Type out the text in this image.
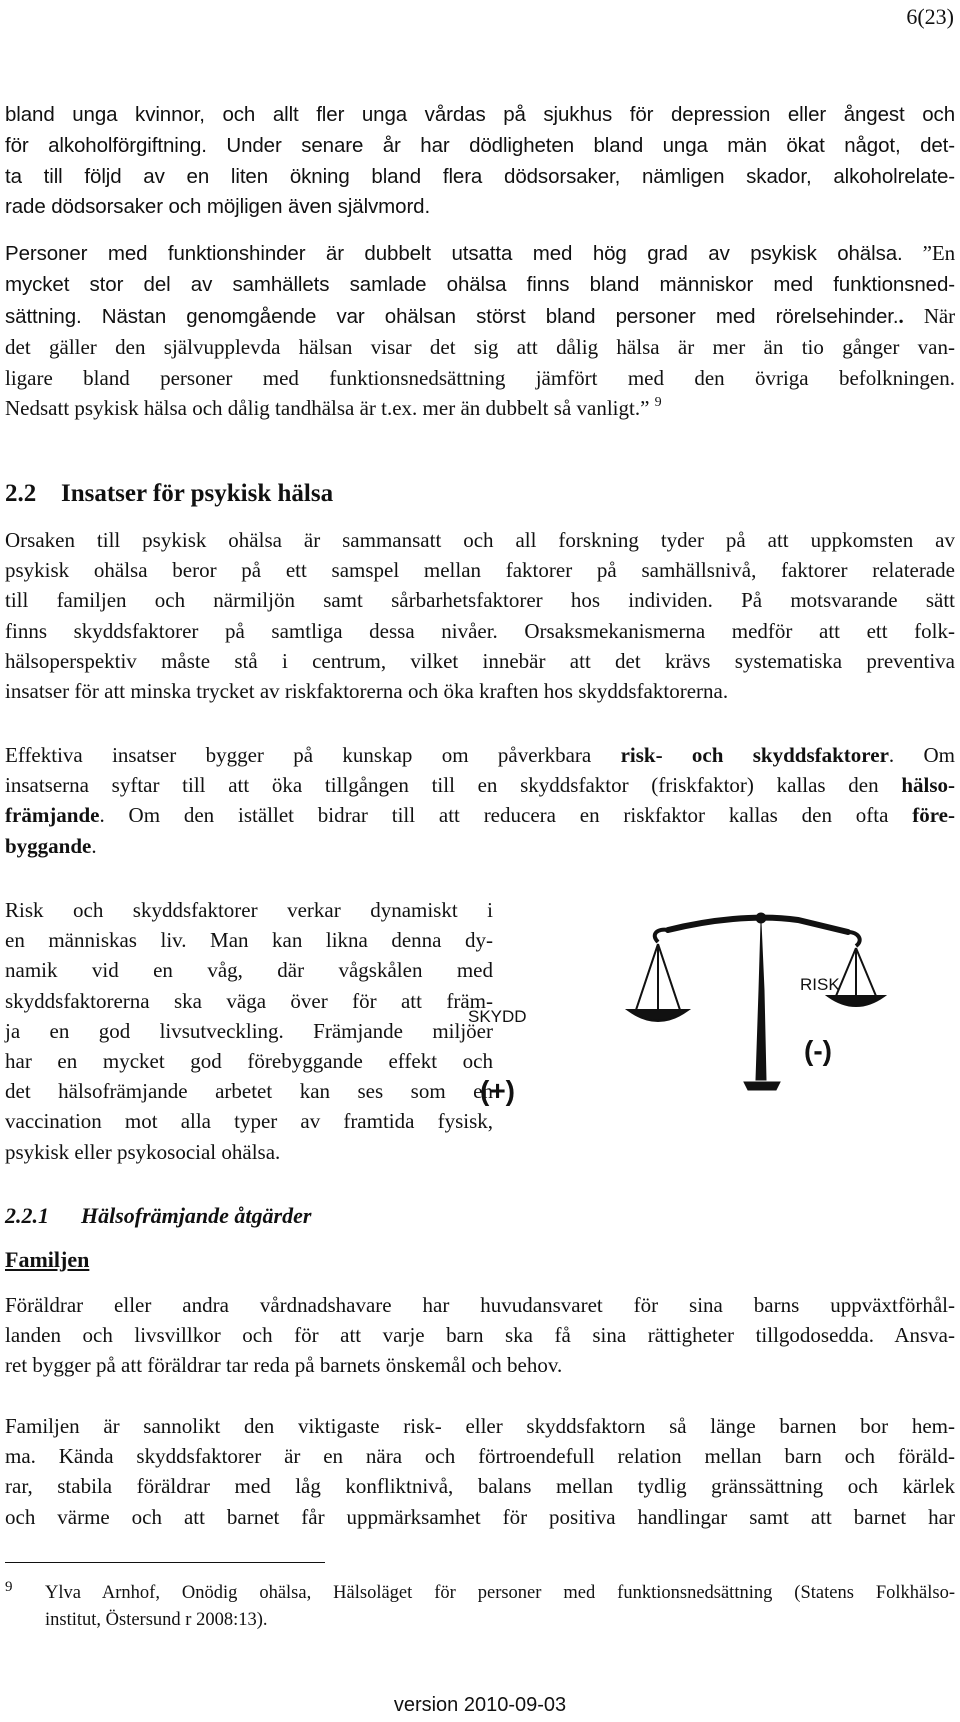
6(23)
bland unga kvinnor, och allt fler unga vårdas på sjukhus för depression eller ångest och
för alkoholförgiftning. Under senare år har dödligheten bland unga män ökat något, det-
ta till följd av en liten ökning bland flera dödsorsaker, nämligen skador, alkoholrelate-
rade dödsorsaker och möjligen även självmord.
Personer med funktionshinder är dubbelt utsatta med hög grad av psykisk ohälsa. ”En
mycket stor del av samhällets samlade ohälsa finns bland människor med funktionsned-
sättning. Nästan genomgående var ohälsan störst bland personer med rörelsehinder.. När
det gäller den självupplevda hälsan visar det sig att dålig hälsa är mer än tio gånger van-
ligare bland personer med funktionsnedsättning jämfört med den övriga befolkningen.
Nedsatt psykisk hälsa och dålig tandhälsa är t.ex. mer än dubbelt så vanligt.” $^9$
2.2 Insatser för psykisk hälsa
Orsaken till psykisk ohälsa är sammansatt och all forskning tyder på att uppkomsten av
psykisk ohälsa beror på ett samspel mellan faktorer på samhällsnivå, faktorer relaterade
till familjen och närmiljön samt sårbarhetsfaktorer hos individen. På motsvarande sätt
finns skyddsfaktorer på samtliga dessa nivåer. Orsaksmekanismerna medför att ett folk-
hälsoperspektiv måste stå i centrum, vilket innebär att det krävs systematiska preventiva
insatser för att minska trycket av riskfaktorerna och öka kraften hos skyddsfaktorerna.
Effektiva insatser bygger på kunskap om påverkbara risk- och skyddsfaktorer. Om
insatserna syftar till att öka tillgången till en skyddsfaktor (friskfaktor) kallas den hälso-
främjande. Om den istället bidrar till att reducera en riskfaktor kallas den ofta före-
byggande.
Risk och skyddsfaktorer verkar dynamiskt i
en människas liv. Man kan likna denna dy-
namik vid en våg, där vågskålen med
skyddsfaktorerna ska väga över för att främ-
ja en god livsutveckling. Främjande miljöer
har en mycket god förebyggande effekt och
det hälsofrämjande arbetet kan ses som en
vaccination mot alla typer av framtida fysisk,
psykisk eller psykosocial ohälsa.
SKYDD
(+)
RISK
(-)
2.2.1 Hälsofrämjande åtgärder
Familjen
Föräldrar eller andra vårdnadshavare har huvudansvaret för sina barns uppväxtförhål-
landen och livsvillkor och för att varje barn ska få sina rättigheter tillgodosedda. Ansva-
ret bygger på att föräldrar tar reda på barnets önskemål och behov.
Familjen är sannolikt den viktigaste risk- eller skyddsfaktorn så länge barnen bor hem-
ma. Kända skyddsfaktorer är en nära och förtroendefull relation mellan barn och föräld-
rar, stabila föräldrar med låg konfliktnivå, balans mellan tydlig gränssättning och kärlek
och värme och att barnet får uppmärksamhet för positiva handlingar samt att barnet har
9 Ylva Arnhof, Onödig ohälsa, Hälsoläget för personer med funktionsnedsättning (Statens Folkhälso-
institut, Östersund r 2008:13).
version 2010-09-03
